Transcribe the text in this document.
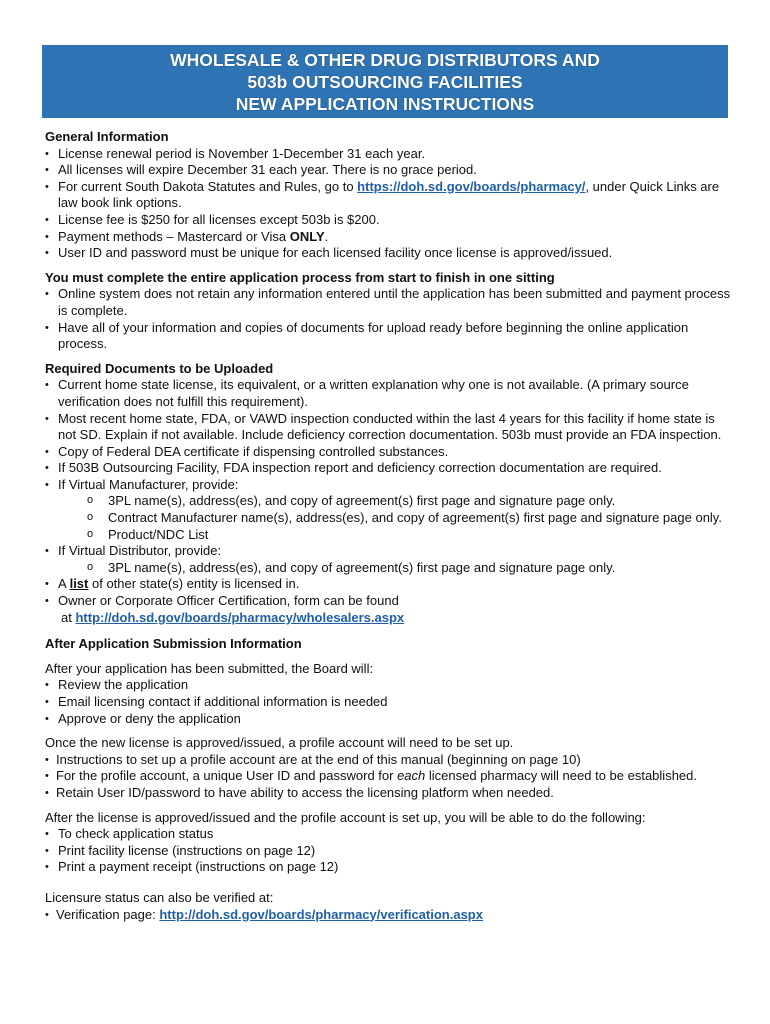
WHOLESALE & OTHER DRUG DISTRIBUTORS AND
503b OUTSOURCING FACILITIES
NEW APPLICATION INSTRUCTIONS
General Information
• License renewal period is November 1-December 31 each year.
• All licenses will expire December 31 each year. There is no grace period.
• For current South Dakota Statutes and Rules, go to https://doh.sd.gov/boards/pharmacy/, under Quick Links are law book link options.
• License fee is $250 for all licenses except 503b is $200.
• Payment methods – Mastercard or Visa ONLY.
• User ID and password must be unique for each licensed facility once license is approved/issued.
You must complete the entire application process from start to finish in one sitting
• Online system does not retain any information entered until the application has been submitted and payment process is complete.
• Have all of your information and copies of documents for upload ready before beginning the online application process.
Required Documents to be Uploaded
• Current home state license, its equivalent, or a written explanation why one is not available. (A primary source verification does not fulfill this requirement).
• Most recent home state, FDA, or VAWD inspection conducted within the last 4 years for this facility if home state is not SD. Explain if not available. Include deficiency correction documentation. 503b must provide an FDA inspection.
• Copy of Federal DEA certificate if dispensing controlled substances.
• If 503B Outsourcing Facility, FDA inspection report and deficiency correction documentation are required.
• If Virtual Manufacturer, provide:
o 3PL name(s), address(es), and copy of agreement(s) first page and signature page only.
o Contract Manufacturer name(s), address(es), and copy of agreement(s) first page and signature page only.
o Product/NDC List
• If Virtual Distributor, provide:
o 3PL name(s), address(es), and copy of agreement(s) first page and signature page only.
• A list of other state(s) entity is licensed in.
• Owner or Corporate Officer Certification, form can be found
at http://doh.sd.gov/boards/pharmacy/wholesalers.aspx
After Application Submission Information

After your application has been submitted, the Board will:

• Review the application
• Email licensing contact if additional information is needed
• Approve or deny the application

Once the new license is approved/issued, a profile account will need to be set up.

• Instructions to set up a profile account are at the end of this manual (beginning on page 10)
• For the profile account, a unique User ID and password for each licensed pharmacy will need to be established.
• Retain User ID/password to have ability to access the licensing platform when needed.

After the license is approved/issued and the profile account is set up, you will be able to do the following:

• To check application status
• Print facility license (instructions on page 12)
• Print a payment receipt (instructions on page 12)

Licensure status can also be verified at:

• Verification page: http://doh.sd.gov/boards/pharmacy/verification.aspx
